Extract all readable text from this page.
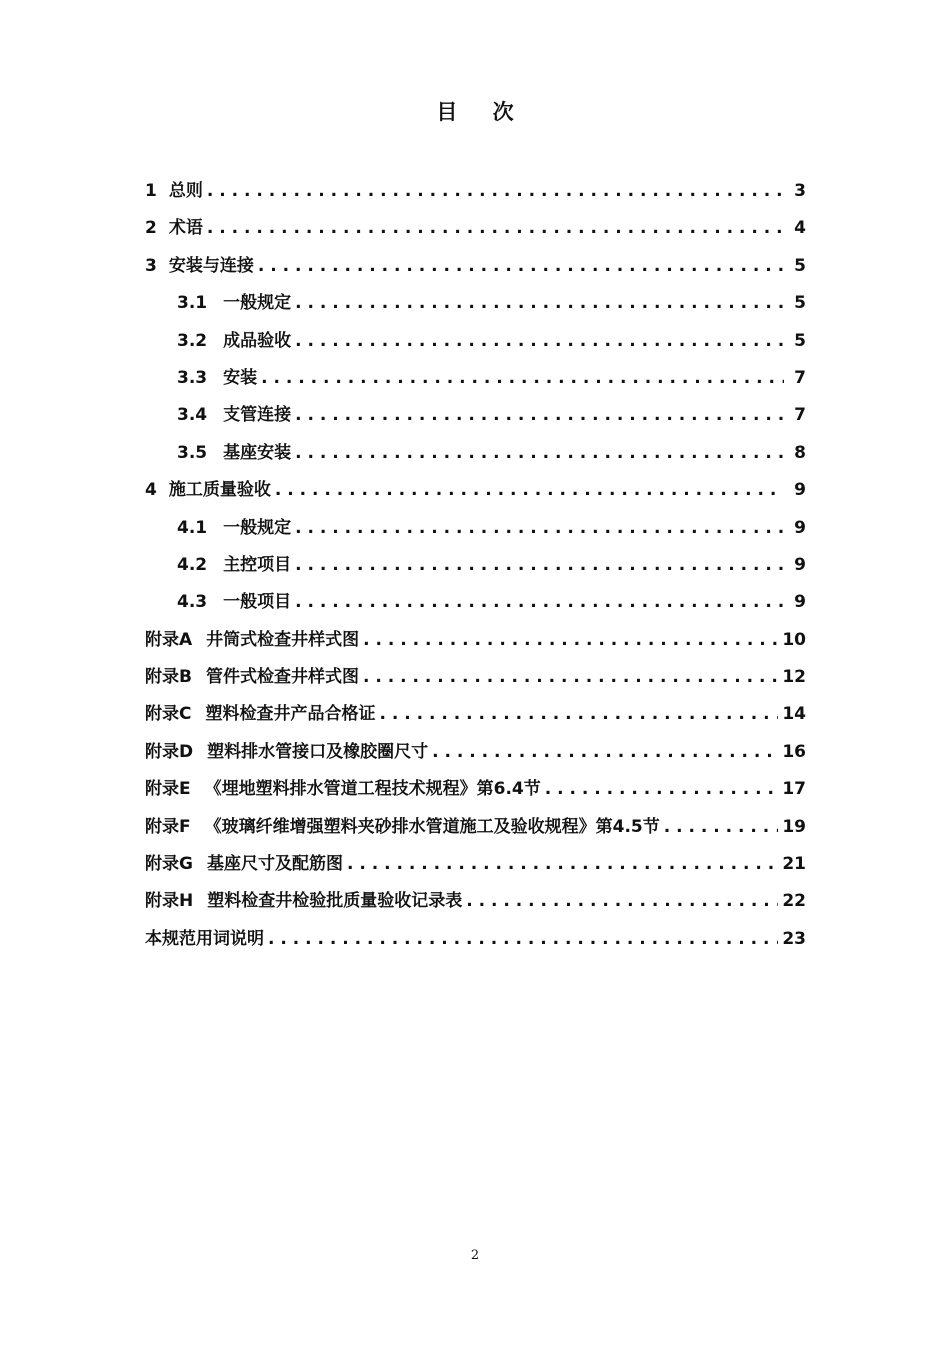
目 次
1 总则 . . .	3
2 术语 . . .	4
3 安装与连接 . . .	5
3.1 一般规定 . . .	5
3.2 成品验收 . . .	5
3.3 安装 . . .	7
3.4 支管连接 . . .	7
3.5 基座安装 . . .	8
4 施工质量验收 . . .	9
4.1 一般规定 . . .	9
4.2 主控项目 . . .	9
4.3 一般项目 . . .	9
附录A 井筒式检查井样式图 . . .	10
附录B 管件式检查井样式图 . . .	12
附录C 塑料检查井产品合格证 . . .	14
附录D 塑料排水管接口及橡胶圈尺寸 . . .	16
附录E 《埋地塑料排水管道工程技术规程》第6.4节 . . .	17
附录F 《玻璃纤维增强塑料夹砂排水管道施工及验收规程》第4.5节 . . .	19
附录G 基座尺寸及配筋图 . . .	21
附录H 塑料检查井检验批质量验收记录表 . . .	22
本规范用词说明 . . .	23
2
